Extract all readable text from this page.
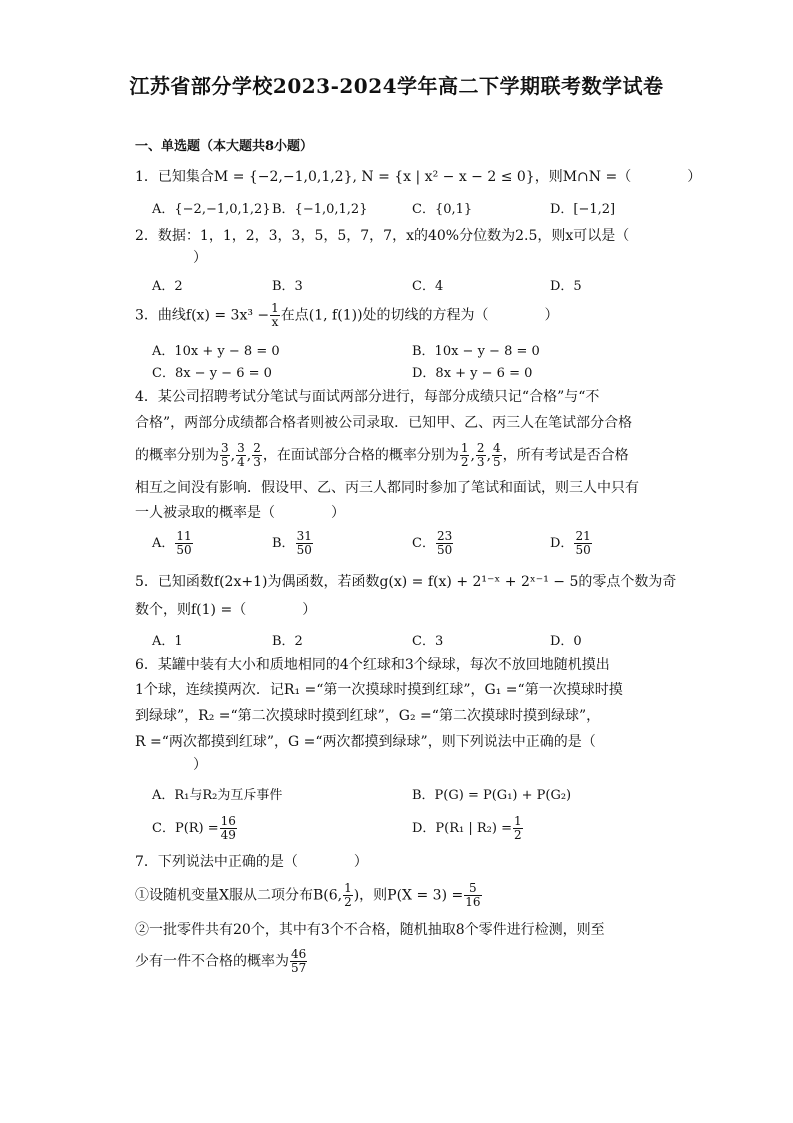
江苏省部分学校2023-2024学年高二下学期联考数学试卷
一、单选题（本大题共8小题）
1．已知集合M = {−2,−1,0,1,2}, N = {x | x² − x − 2 ≤ 0}，则M∩N =（　　　　）
A．{−2,−1,0,1,2} B．{−1,0,1,2}	C．{0,1}	D．[−1,2]
2．数据：1，1，2，3，3，5，5，7，7，x的40%分位数为2.5，则x可以是（
）
A．2	B．3	C．4	D．5
3．曲线$f(x) = 3x^3 - \frac{1}{x}$ 在点(1, f(1))处的切线的方程为（　　　　）
A．10x + y − 8 = 0	B．10x − y − 8 = 0
C．8x − y − 6 = 0	D．8x + y − 6 = 0
4．某公司招聘考试分笔试与面试两部分进行，每部分成绩只记“合格”与“不
合格”，两部分成绩都合格者则被公司录取．已知甲、乙、丙三人在笔试部分合格
的概率分别为 $\frac{3}{5}$ , $\frac{3}{4}$ , $\frac{2}{3}$ ，在面试部分合格的概率分别为 $\frac{1}{2}$ , $\frac{2}{3}$ , $\frac{4}{5}$ ，所有考试是否合格
相互之间没有影响．假设甲、乙、丙三人都同时参加了笔试和面试，则三人中只有
一人被录取的概率是（　　　　）
A． $\frac{11}{50}$	B． $\frac{31}{50}$	C． $\frac{23}{50}$	D． $\frac{21}{50}$
5．已知函数f(2x+1)为偶函数，若函数g(x) = f(x) + 2¹⁻ˣ + 2ˣ⁻¹ − 5的零点个数为奇
数个，则f(1) =（　　　　）
A．1	B．2	C．3	D．0
6．某罐中装有大小和质地相同的4个红球和3个绿球，每次不放回地随机摸出
1个球，连续摸两次．记R₁ =“第一次摸球时摸到红球”，G₁ =“第一次摸球时摸
到绿球”，R₂ =“第二次摸球时摸到红球”，G₂ =“第二次摸球时摸到绿球”，
R =“两次都摸到红球”，G =“两次都摸到绿球”，则下列说法中正确的是（
）
A．R₁与R₂为互斥事件	B．P(G) = P(G₁) + P(G₂)
C．$P(R) = \frac{16}{49}$	D．P(R₁ | $R_2) = \frac{1}{2}$
7．下列说法中正确的是（　　　　）
①设随机变量X服从二项分布B(6, $\frac{1}{2}$ )，则$P(X = 3) = \frac{5}{16}$
②一批零件共有20个，其中有3个不合格，随机抽取8个零件进行检测，则至
少有一件不合格的概率为 $\frac{46}{57}$
